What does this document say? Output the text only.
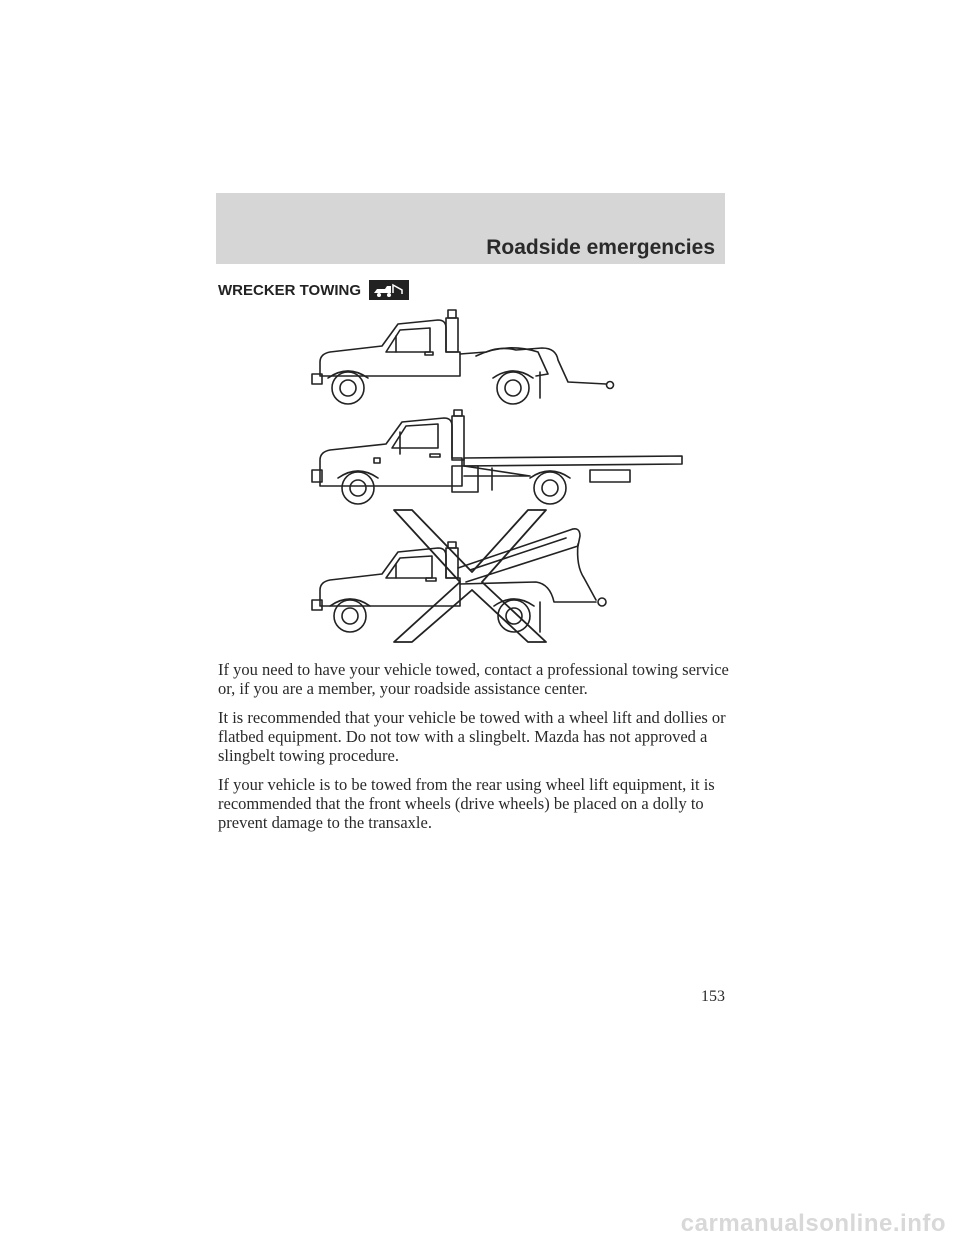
Roadside emergencies
WRECKER TOWING

If you need to have your vehicle towed, contact a professional towing service or, if you are a member, your roadside assistance center.

It is recommended that your vehicle be towed with a wheel lift and dollies or flatbed equipment. Do not tow with a slingbelt. Mazda has not approved a slingbelt towing procedure.

If your vehicle is to be towed from the rear using wheel lift equipment, it is recommended that the front wheels (drive wheels) be placed on a dolly to prevent damage to the transaxle.

153

carmanualsonline.info
